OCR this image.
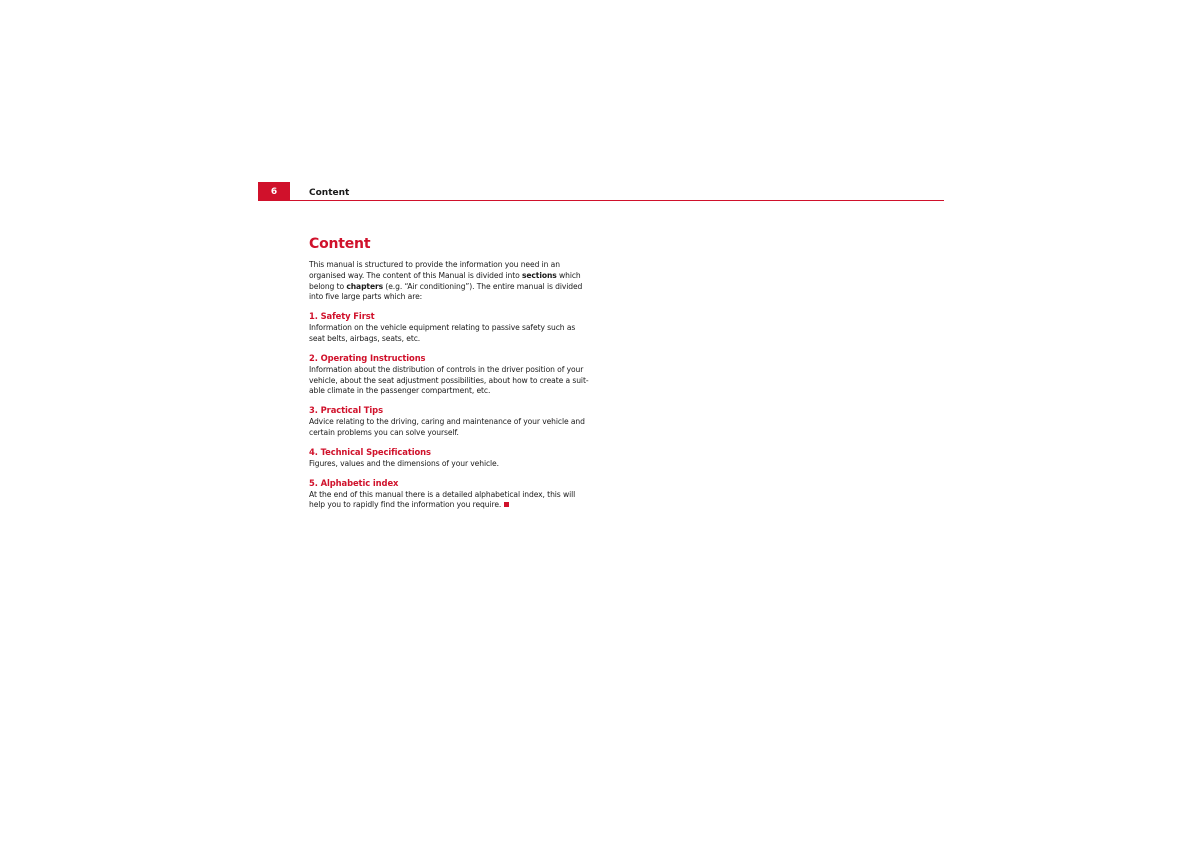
6	Content
Content

This manual is structured to provide the information you need in an organised way. The content of this Manual is divided into sections which belong to chapters (e.g. “Air conditioning”). The entire manual is divided into five large parts which are:

1. Safety First

Information on the vehicle equipment relating to passive safety such as seat belts, airbags, seats, etc.

2. Operating Instructions

Information about the distribution of controls in the driver position of your vehicle, about the seat adjustment possibilities, about how to create a suit-able climate in the passenger compartment, etc.

3. Practical Tips

Advice relating to the driving, caring and maintenance of your vehicle and certain problems you can solve yourself.

4. Technical Specifications

Figures, values and the dimensions of your vehicle.

5. Alphabetic index

At the end of this manual there is a detailed alphabetical index, this will help you to rapidly find the information you require.
